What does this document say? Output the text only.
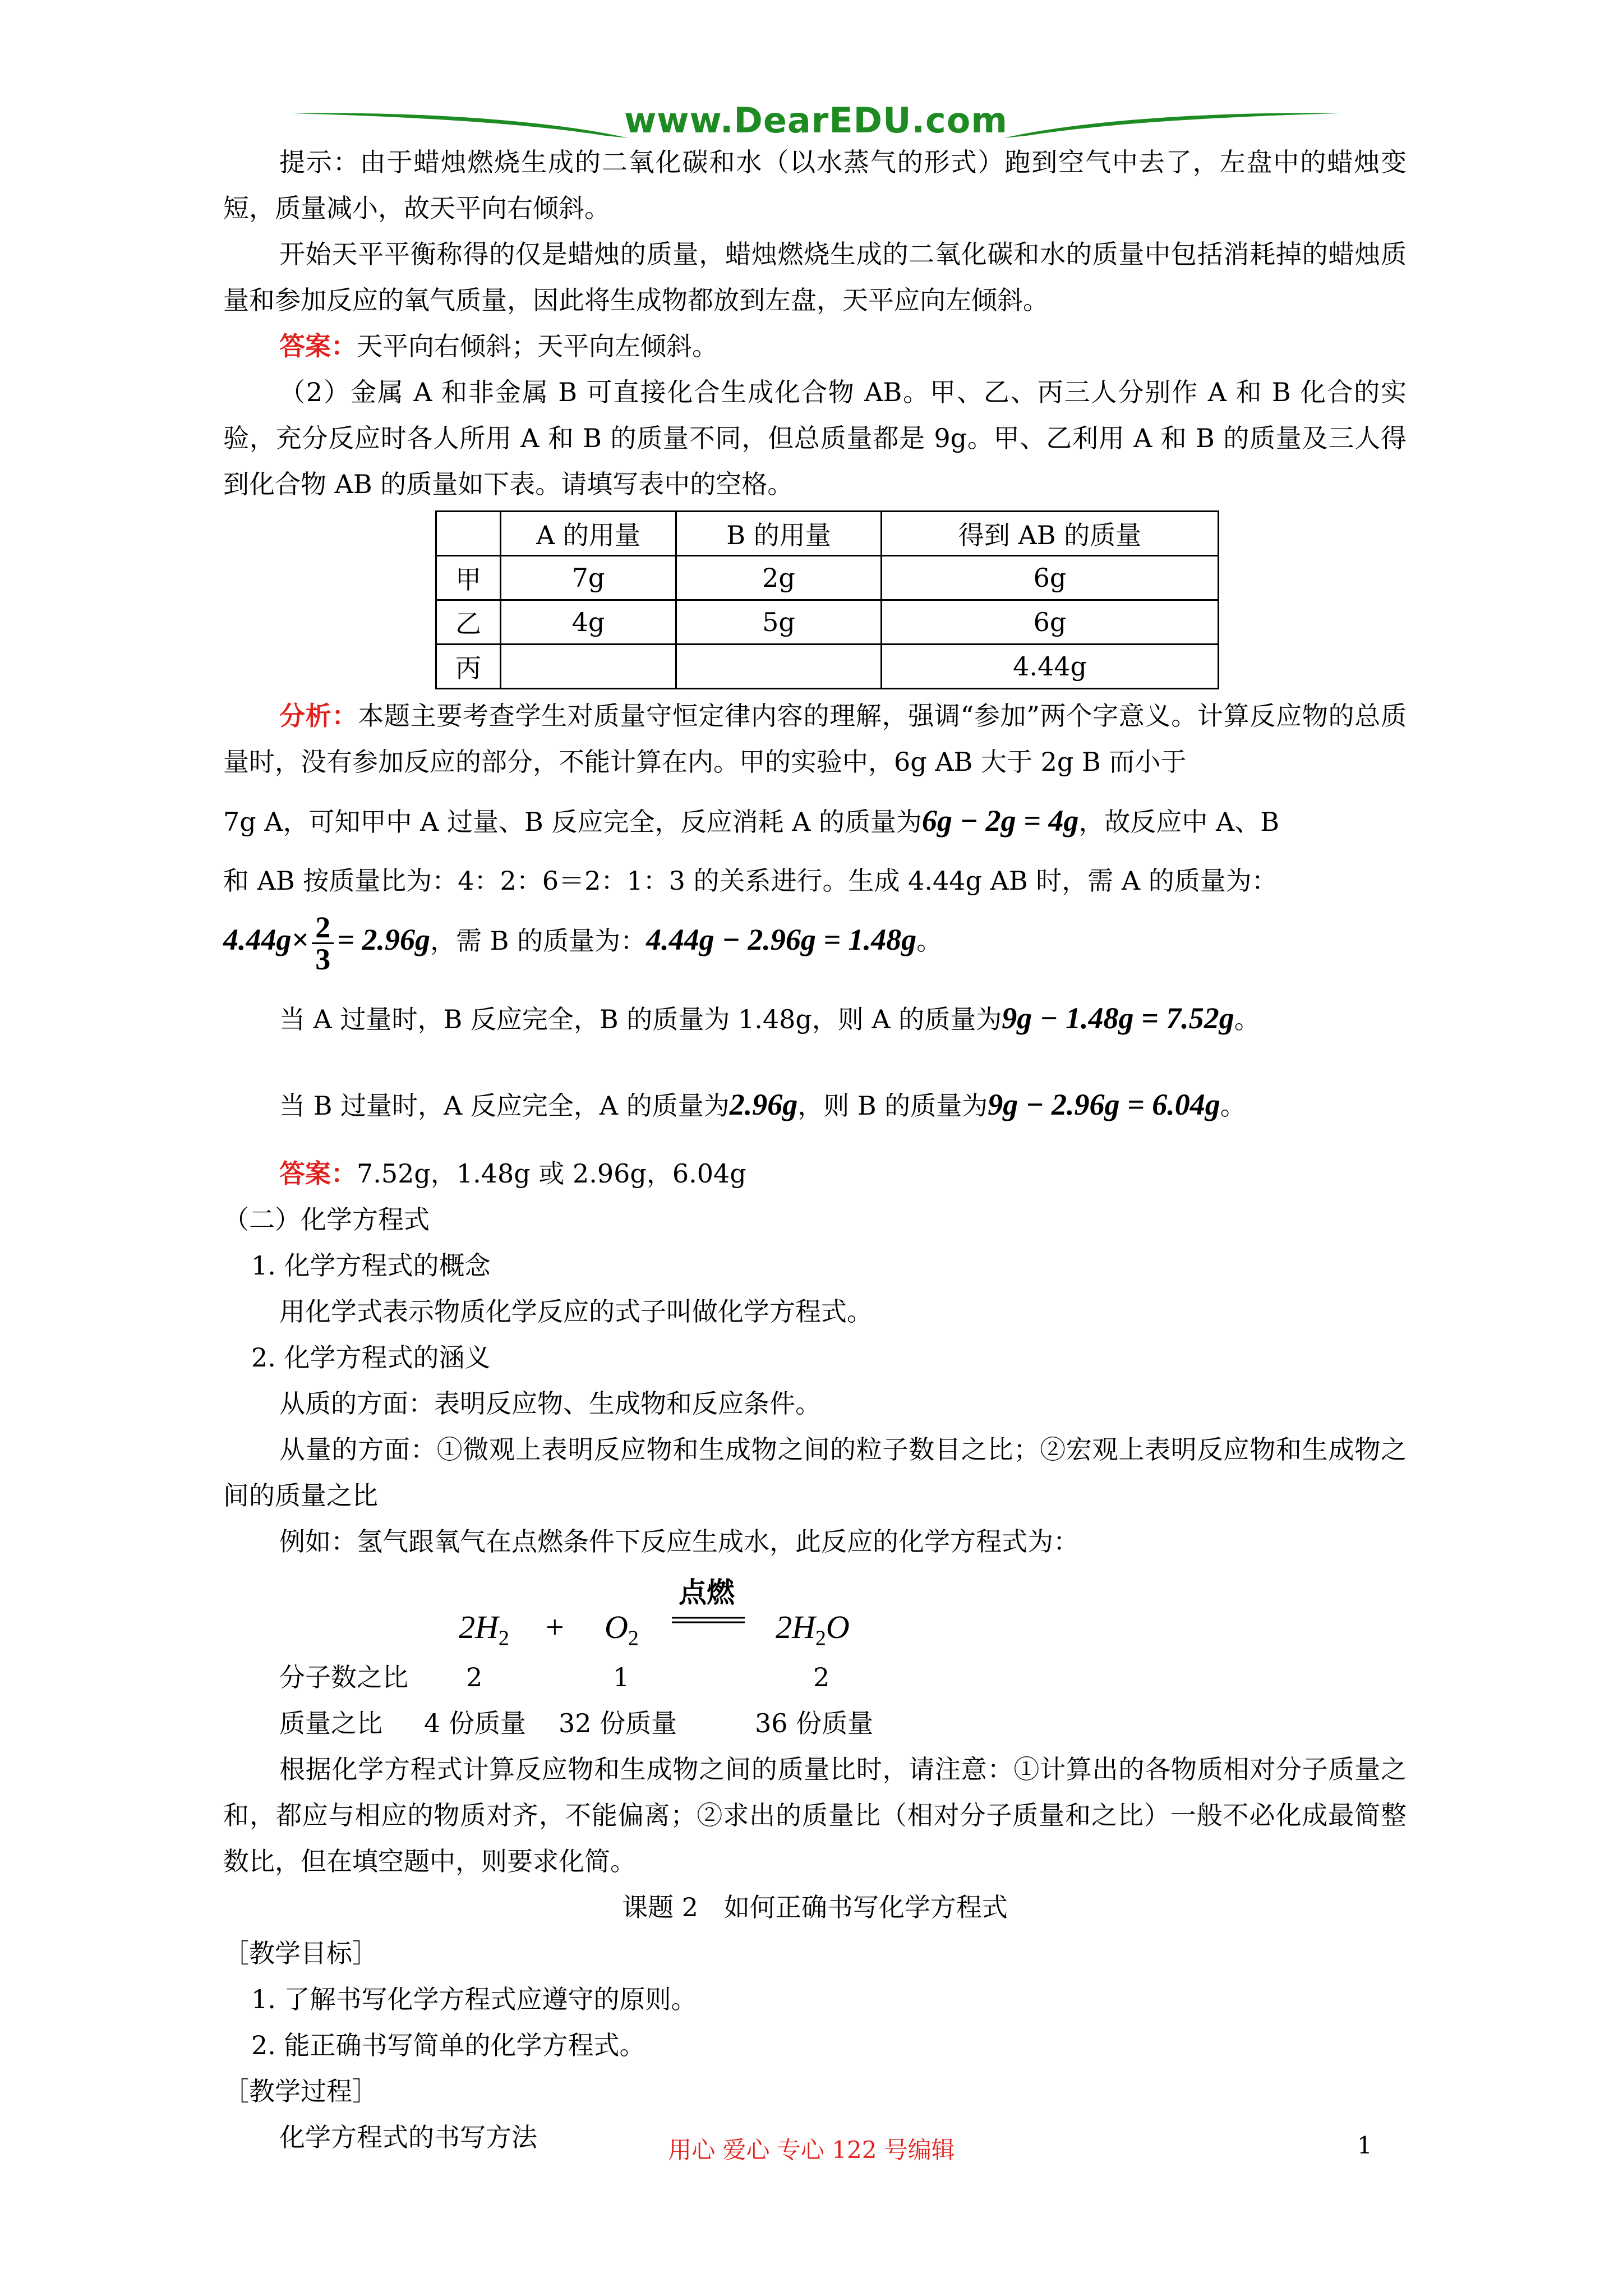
www.DearEDU.com

提示：由于蜡烛燃烧生成的二氧化碳和水（以水蒸气的形式）跑到空气中去了，左盘中的蜡烛变短，质量减小，故天平向右倾斜。

开始天平平衡称得的仅是蜡烛的质量，蜡烛燃烧生成的二氧化碳和水的质量中包括消耗掉的蜡烛质量和参加反应的氧气质量，因此将生成物都放到左盘，天平应向左倾斜。

答案：天平向右倾斜；天平向左倾斜。

（2）金属 A 和非金属 B 可直接化合生成化合物 AB。甲、乙、丙三人分别作 A 和 B 化合的实验，充分反应时各人所用 A 和 B 的质量不同，但总质量都是 9g。甲、乙利用 A 和 B 的质量及三人得到化合物 AB 的质量如下表。请填写表中的空格。

	A 的用量	B 的用量	得到 AB 的质量
甲	7g	2g	6g
乙	4g	5g	6g
丙			4.44g

分析：本题主要考查学生对质量守恒定律内容的理解，强调“参加”两个字意义。计算反应物的总质量时，没有参加反应的部分，不能计算在内。甲的实验中，6g AB 大于 2g B 而小于

7g A，可知甲中 A 过量、B 反应完全，反应消耗 A 的质量为6g − 2g = 4g，故反应中 A、B

和 AB 按质量比为：4：2：6＝2：1：3 的关系进行。生成 4.44g AB 时，需 A 的质量为：

$4.44g\times \frac{2}{3} = 2.96g$，需 B 的质量为：4.44g − 2.96g = 1.48g。

当 A 过量时，B 反应完全，B 的质量为 1.48g，则 A 的质量为9g − 1.48g = 7.52g。

当 B 过量时，A 反应完全，A 的质量为2.96g，则 B 的质量为9g − 2.96g = 6.04g。

答案：7.52g，1.48g 或 2.96g，6.04g

（二）化学方程式

1. 化学方程式的概念

用化学式表示物质化学反应的式子叫做化学方程式。

2. 化学方程式的涵义

从质的方面：表明反应物、生成物和反应条件。

从量的方面：①微观上表明反应物和生成物之间的粒子数目之比；②宏观上表明反应物和生成物之间的质量之比

例如：氢气跟氧气在点燃条件下反应生成水，此反应的化学方程式为：

$2H_2 + O_2$
点燃
$2H_2O$
分子数之比 2	1	2
质量之比 4 份质量 32 份质量	36 份质量

根据化学方程式计算反应物和生成物之间的质量比时，请注意：①计算出的各物质相对分子质量之和，都应与相应的物质对齐，不能偏离；②求出的质量比（相对分子质量和之比）一般不必化成最简整数比，但在填空题中，则要求化简。

课题 2　如何正确书写化学方程式

［教学目标］

1. 了解书写化学方程式应遵守的原则。

2. 能正确书写简单的化学方程式。

［教学过程］

化学方程式的书写方法	用心 爱心 专心 122 号编辑	1
